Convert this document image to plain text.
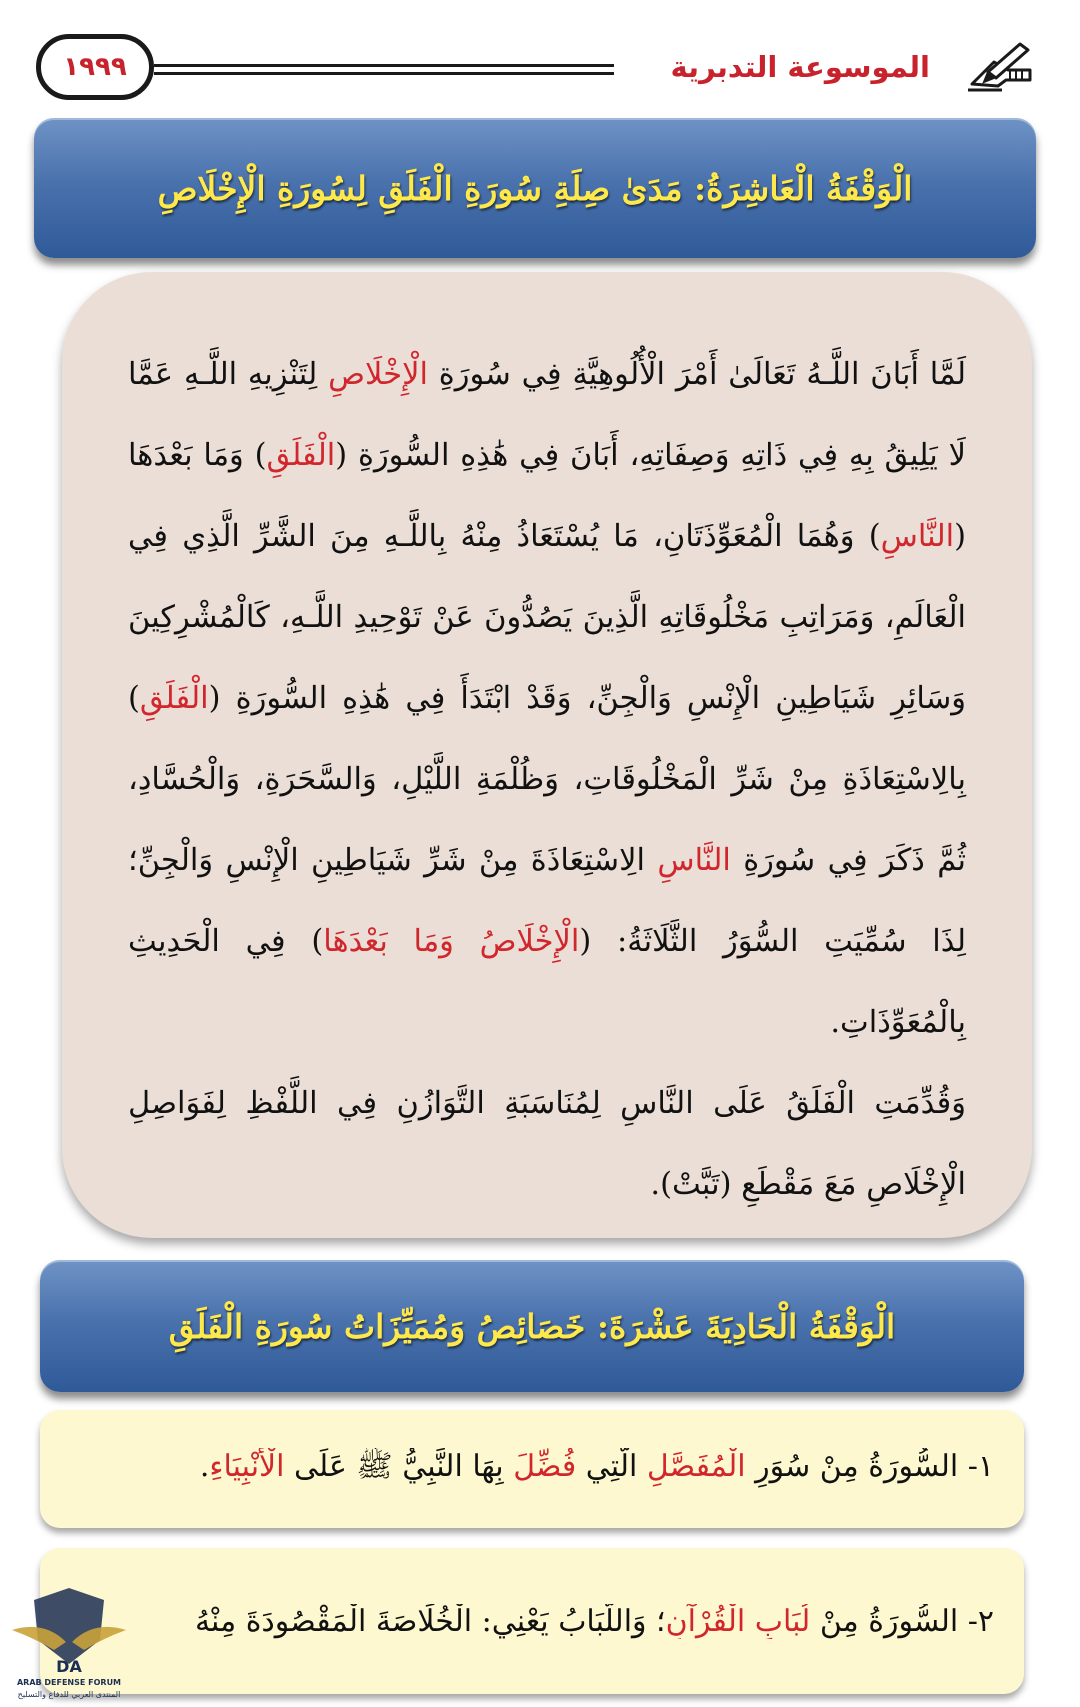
١٩٩٩	الموسوعة التدبرية
الْوَقْفَةُ الْعَاشِرَةُ: مَدَىٰ صِلَةِ سُورَةِ الْفَلَقِ لِسُورَةِ الْإِخْلَاصِ

لَمَّا أَبَانَ اللَّـهُ تَعَالَىٰ أَمْرَ الْأُلُوهِيَّةِ فِي سُورَةِ الْإِخْلَاصِ لِتَنْزِيهِ اللَّـهِ عَمَّا لَا يَلِيقُ بِهِ فِي ذَاتِهِ وَصِفَاتِهِ، أَبَانَ فِي هَٰذِهِ السُّورَةِ (الْفَلَقِ) وَمَا بَعْدَهَا (النَّاسِ) وَهُمَا الْمُعَوِّذَتَانِ، مَا يُسْتَعَاذُ مِنْهُ بِاللَّـهِ مِنَ الشَّرِّ الَّذِي فِي الْعَالَمِ، وَمَرَاتِبِ مَخْلُوقَاتِهِ الَّذِينَ يَصُدُّونَ عَنْ تَوْحِيدِ اللَّـهِ، كَالْمُشْرِكِينَ وَسَائِرِ شَيَاطِينِ الْإِنْسِ وَالْجِنِّ، وَقَدْ ابْتَدَأَ فِي هَٰذِهِ السُّورَةِ (الْفَلَقِ) بِالِاسْتِعَاذَةِ مِنْ شَرِّ الْمَخْلُوقَاتِ، وَظُلْمَةِ اللَّيْلِ، وَالسَّحَرَةِ، وَالْحُسَّادِ، ثُمَّ ذَكَرَ فِي سُورَةِ النَّاسِ الِاسْتِعَاذَةَ مِنْ شَرِّ شَيَاطِينِ الْإِنْسِ وَالْجِنِّ؛ لِذَا سُمِّيَتِ السُّوَرُ الثَّلَاثَةُ: (الْإِخْلَاصُ وَمَا بَعْدَهَا) فِي الْحَدِيثِ بِالْمُعَوِّذَاتِ.

وَقُدِّمَتِ الْفَلَقُ عَلَى النَّاسِ لِمُنَاسَبَةِ التَّوَازُنِ فِي اللَّفْظِ لِفَوَاصِلِ الْإِخْلَاصِ مَعَ مَقْطَعِ (تَبَّتْ).

الْوَقْفَةُ الْحَادِيَةَ عَشْرَةَ: خَصَائِصُ وَمُمَيِّزَاتُ سُورَةِ الْفَلَقِ
١- السُّورَةُ مِنْ سُوَرِ الْمُفَصَّلِ الَّتِي فُضِّلَ بِهَا النَّبِيُّ ﷺ عَلَى الْأَنْبِيَاءِ.
٢- السُّورَةُ مِنْ لُبَابِ الْقُرْآنِ؛ وَاللُّبَابُ يَعْنِي: الْخُلَاصَةَ الْمَقْصُودَةَ مِنْهُ
DA
ARAB DEFENSE FORUM
المنتدى العربي للدفاع والتسليح
